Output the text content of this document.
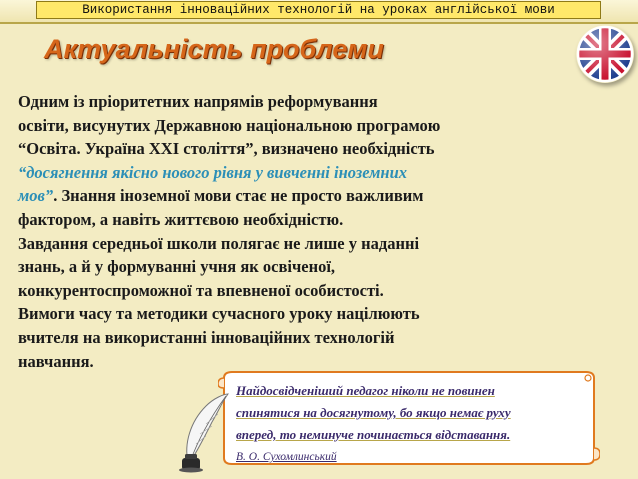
Використання інноваційних технологій на уроках англійської мови
Актуальність проблеми
Одним із пріоритетних напрямів реформування
освіти, висунутих Державною національною програмою
“Освіта. Україна XXI століття”, визначено необхідність
“досягнення якісно нового рівня у вивченні іноземних
мов”. Знання іноземної мови стає не просто важливим
фактором, а навіть життєвою необхідністю.
Завдання середньої школи полягає не лише у наданні
знань, а й у формуванні учня як освіченої,
конкурентоспроможної та впевненої особистості.
Вимоги часу та методики сучасного уроку націлюють
вчителя на використанні інноваційних технологій
навчання.
Найдосвідченіший педагог ніколи не повинен
спинятися на досягнутому, бо якщо немає руху
вперед, то неминуче починається відставання.
В. О. Сухомлинський
